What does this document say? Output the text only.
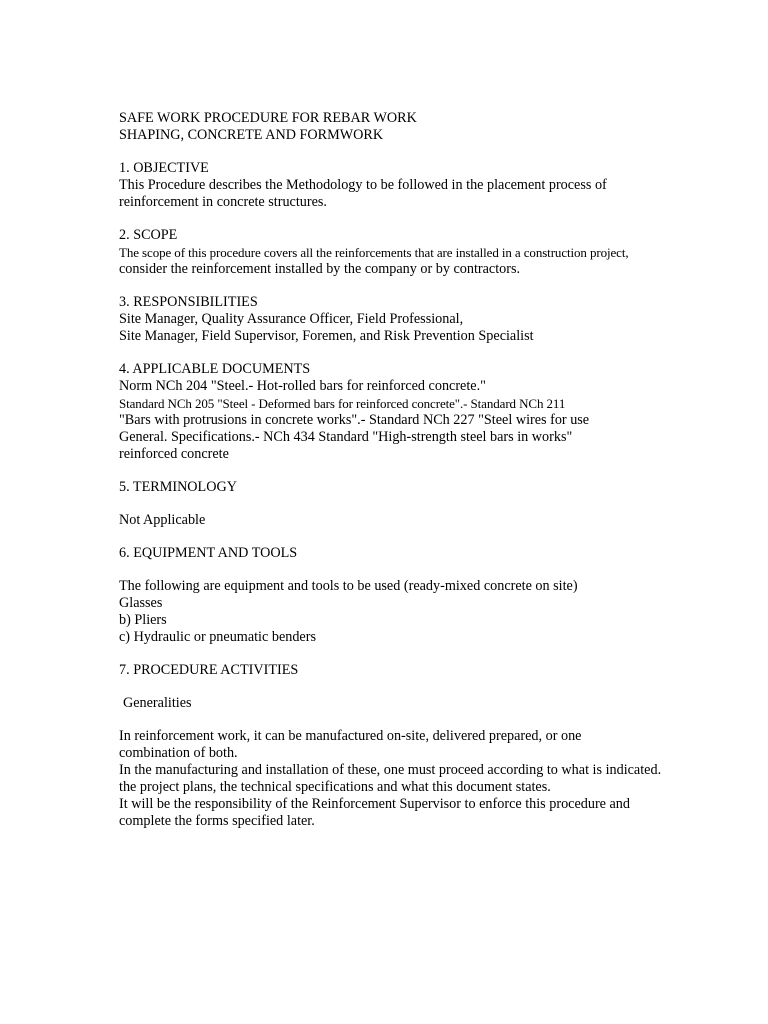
SAFE WORK PROCEDURE FOR REBAR WORK
SHAPING, CONCRETE AND FORMWORK
1. OBJECTIVE
This Procedure describes the Methodology to be followed in the placement process of
reinforcement in concrete structures.
2. SCOPE
The scope of this procedure covers all the reinforcements that are installed in a construction project,
consider the reinforcement installed by the company or by contractors.
3. RESPONSIBILITIES
Site Manager, Quality Assurance Officer, Field Professional,
Site Manager, Field Supervisor, Foremen, and Risk Prevention Specialist
4. APPLICABLE DOCUMENTS
Norm NCh 204 "Steel.- Hot-rolled bars for reinforced concrete."
Standard NCh 205 "Steel - Deformed bars for reinforced concrete".- Standard NCh 211
"Bars with protrusions in concrete works".- Standard NCh 227 "Steel wires for use
General. Specifications.- NCh 434 Standard "High-strength steel bars in works"
reinforced concrete
5. TERMINOLOGY
Not Applicable
6. EQUIPMENT AND TOOLS
The following are equipment and tools to be used (ready-mixed concrete on site)
Glasses
b) Pliers
c) Hydraulic or pneumatic benders
7. PROCEDURE ACTIVITIES
Generalities
In reinforcement work, it can be manufactured on-site, delivered prepared, or one
combination of both.
In the manufacturing and installation of these, one must proceed according to what is indicated.
the project plans, the technical specifications and what this document states.
It will be the responsibility of the Reinforcement Supervisor to enforce this procedure and
complete the forms specified later.
